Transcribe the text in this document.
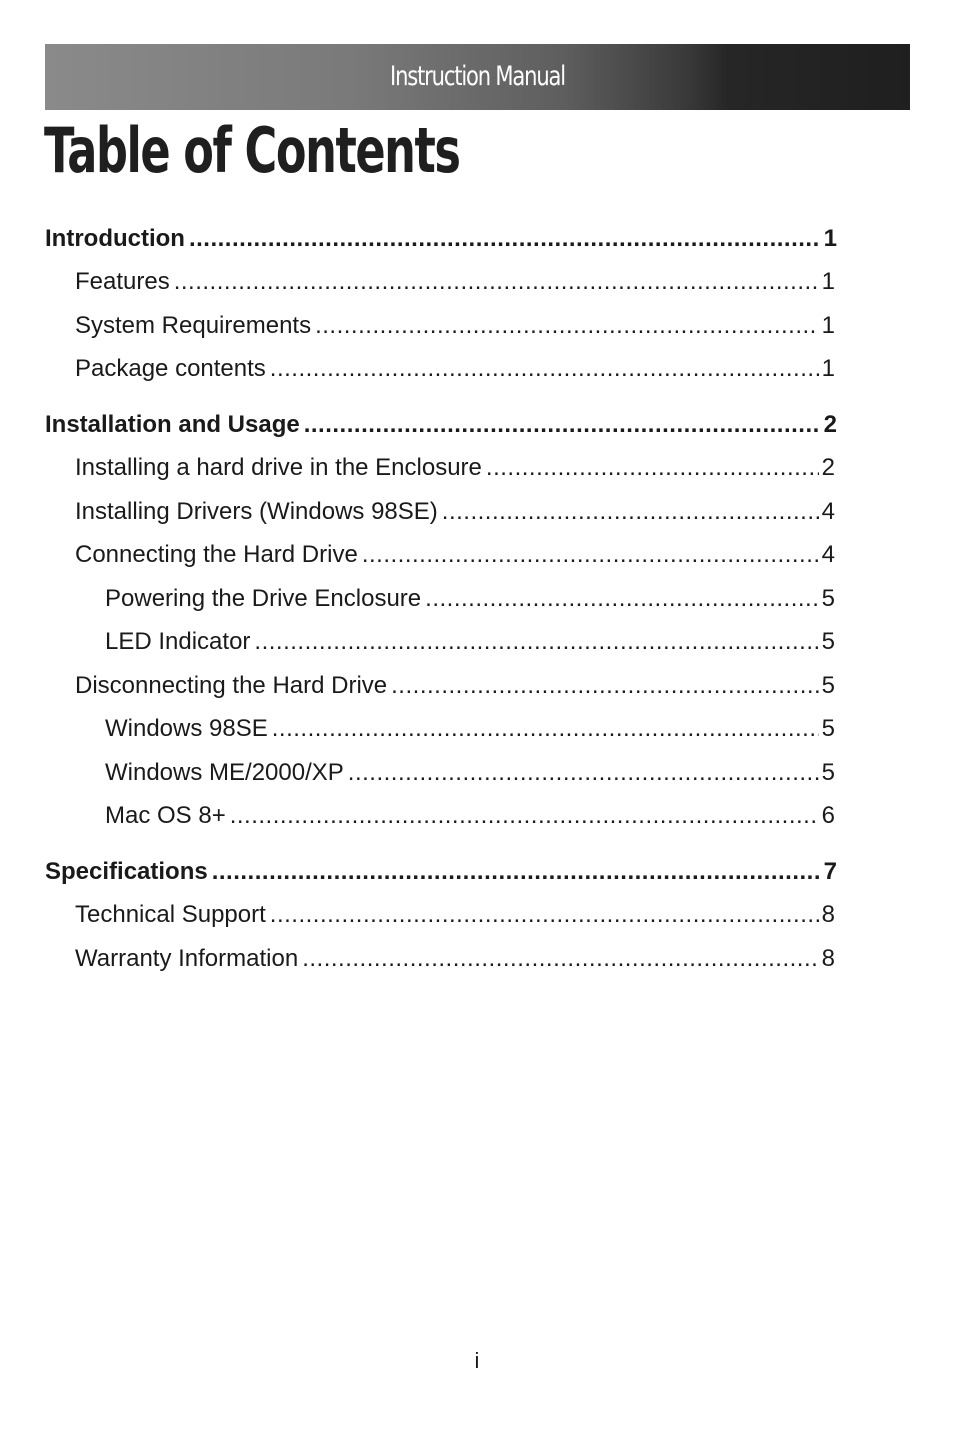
Instruction Manual
Table of Contents
Introduction .....	1
Features .....	1
System Requirements .....	1
Package contents .....	1
Installation and Usage .....	2
Installing a hard drive in the Enclosure .....	2
Installing Drivers (Windows 98SE) .....	4
Connecting the Hard Drive .....	4
Powering the Drive Enclosure .....	5
LED Indicator .....	5
Disconnecting the Hard Drive .....	5
Windows 98SE .....	5
Windows ME/2000/XP .....	5
Mac OS 8+ .....	6
Specifications .....	7
Technical Support .....	8
Warranty Information .....	8
i
